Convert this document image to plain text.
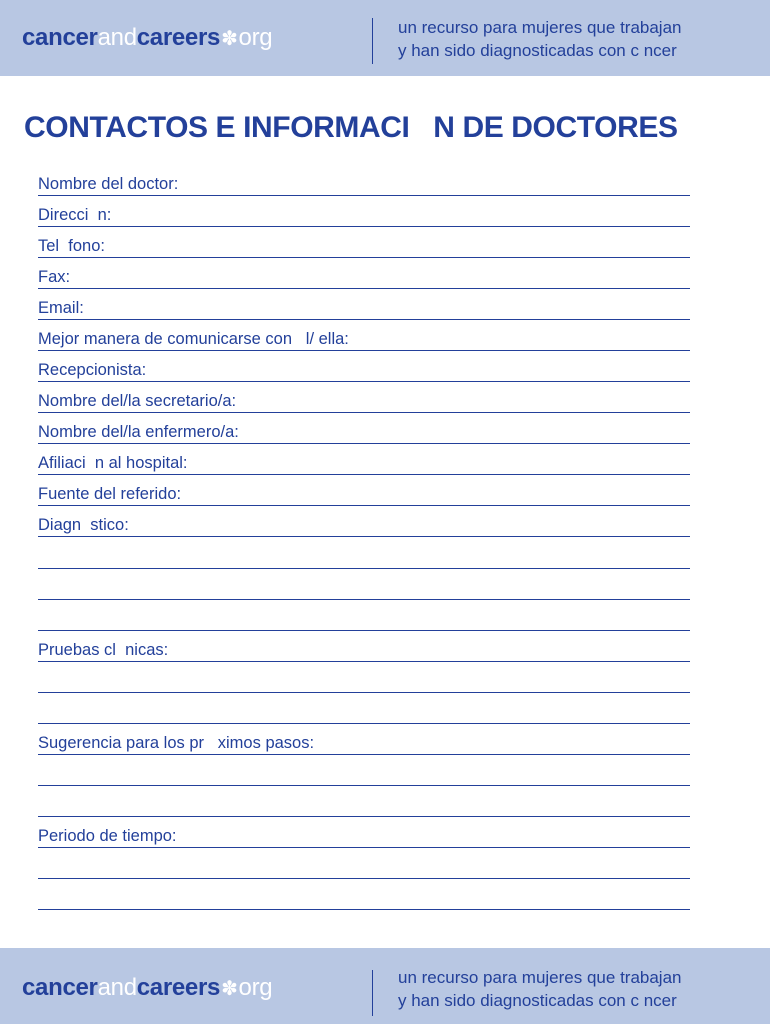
cancerandcareers✽org	un recurso para mujeres que trabajan
y han sido diagnosticadas con c ncer
CONTACTOS E INFORMACI   N DE DOCTORES
Nombre del doctor:
Direcci  n:
Tel  fono:
Fax:
Email:
Mejor manera de comunicarse con   l/ ella:
Recepcionista:
Nombre del/la secretario/a:
Nombre del/la enfermero/a:
Afiliaci  n al hospital:
Fuente del referido:
Diagn  stico:
Pruebas cl  nicas:
Sugerencia para los pr   ximos pasos:
Periodo de tiempo:
cancerandcareers✽org	un recurso para mujeres que trabajan
y han sido diagnosticadas con c ncer
